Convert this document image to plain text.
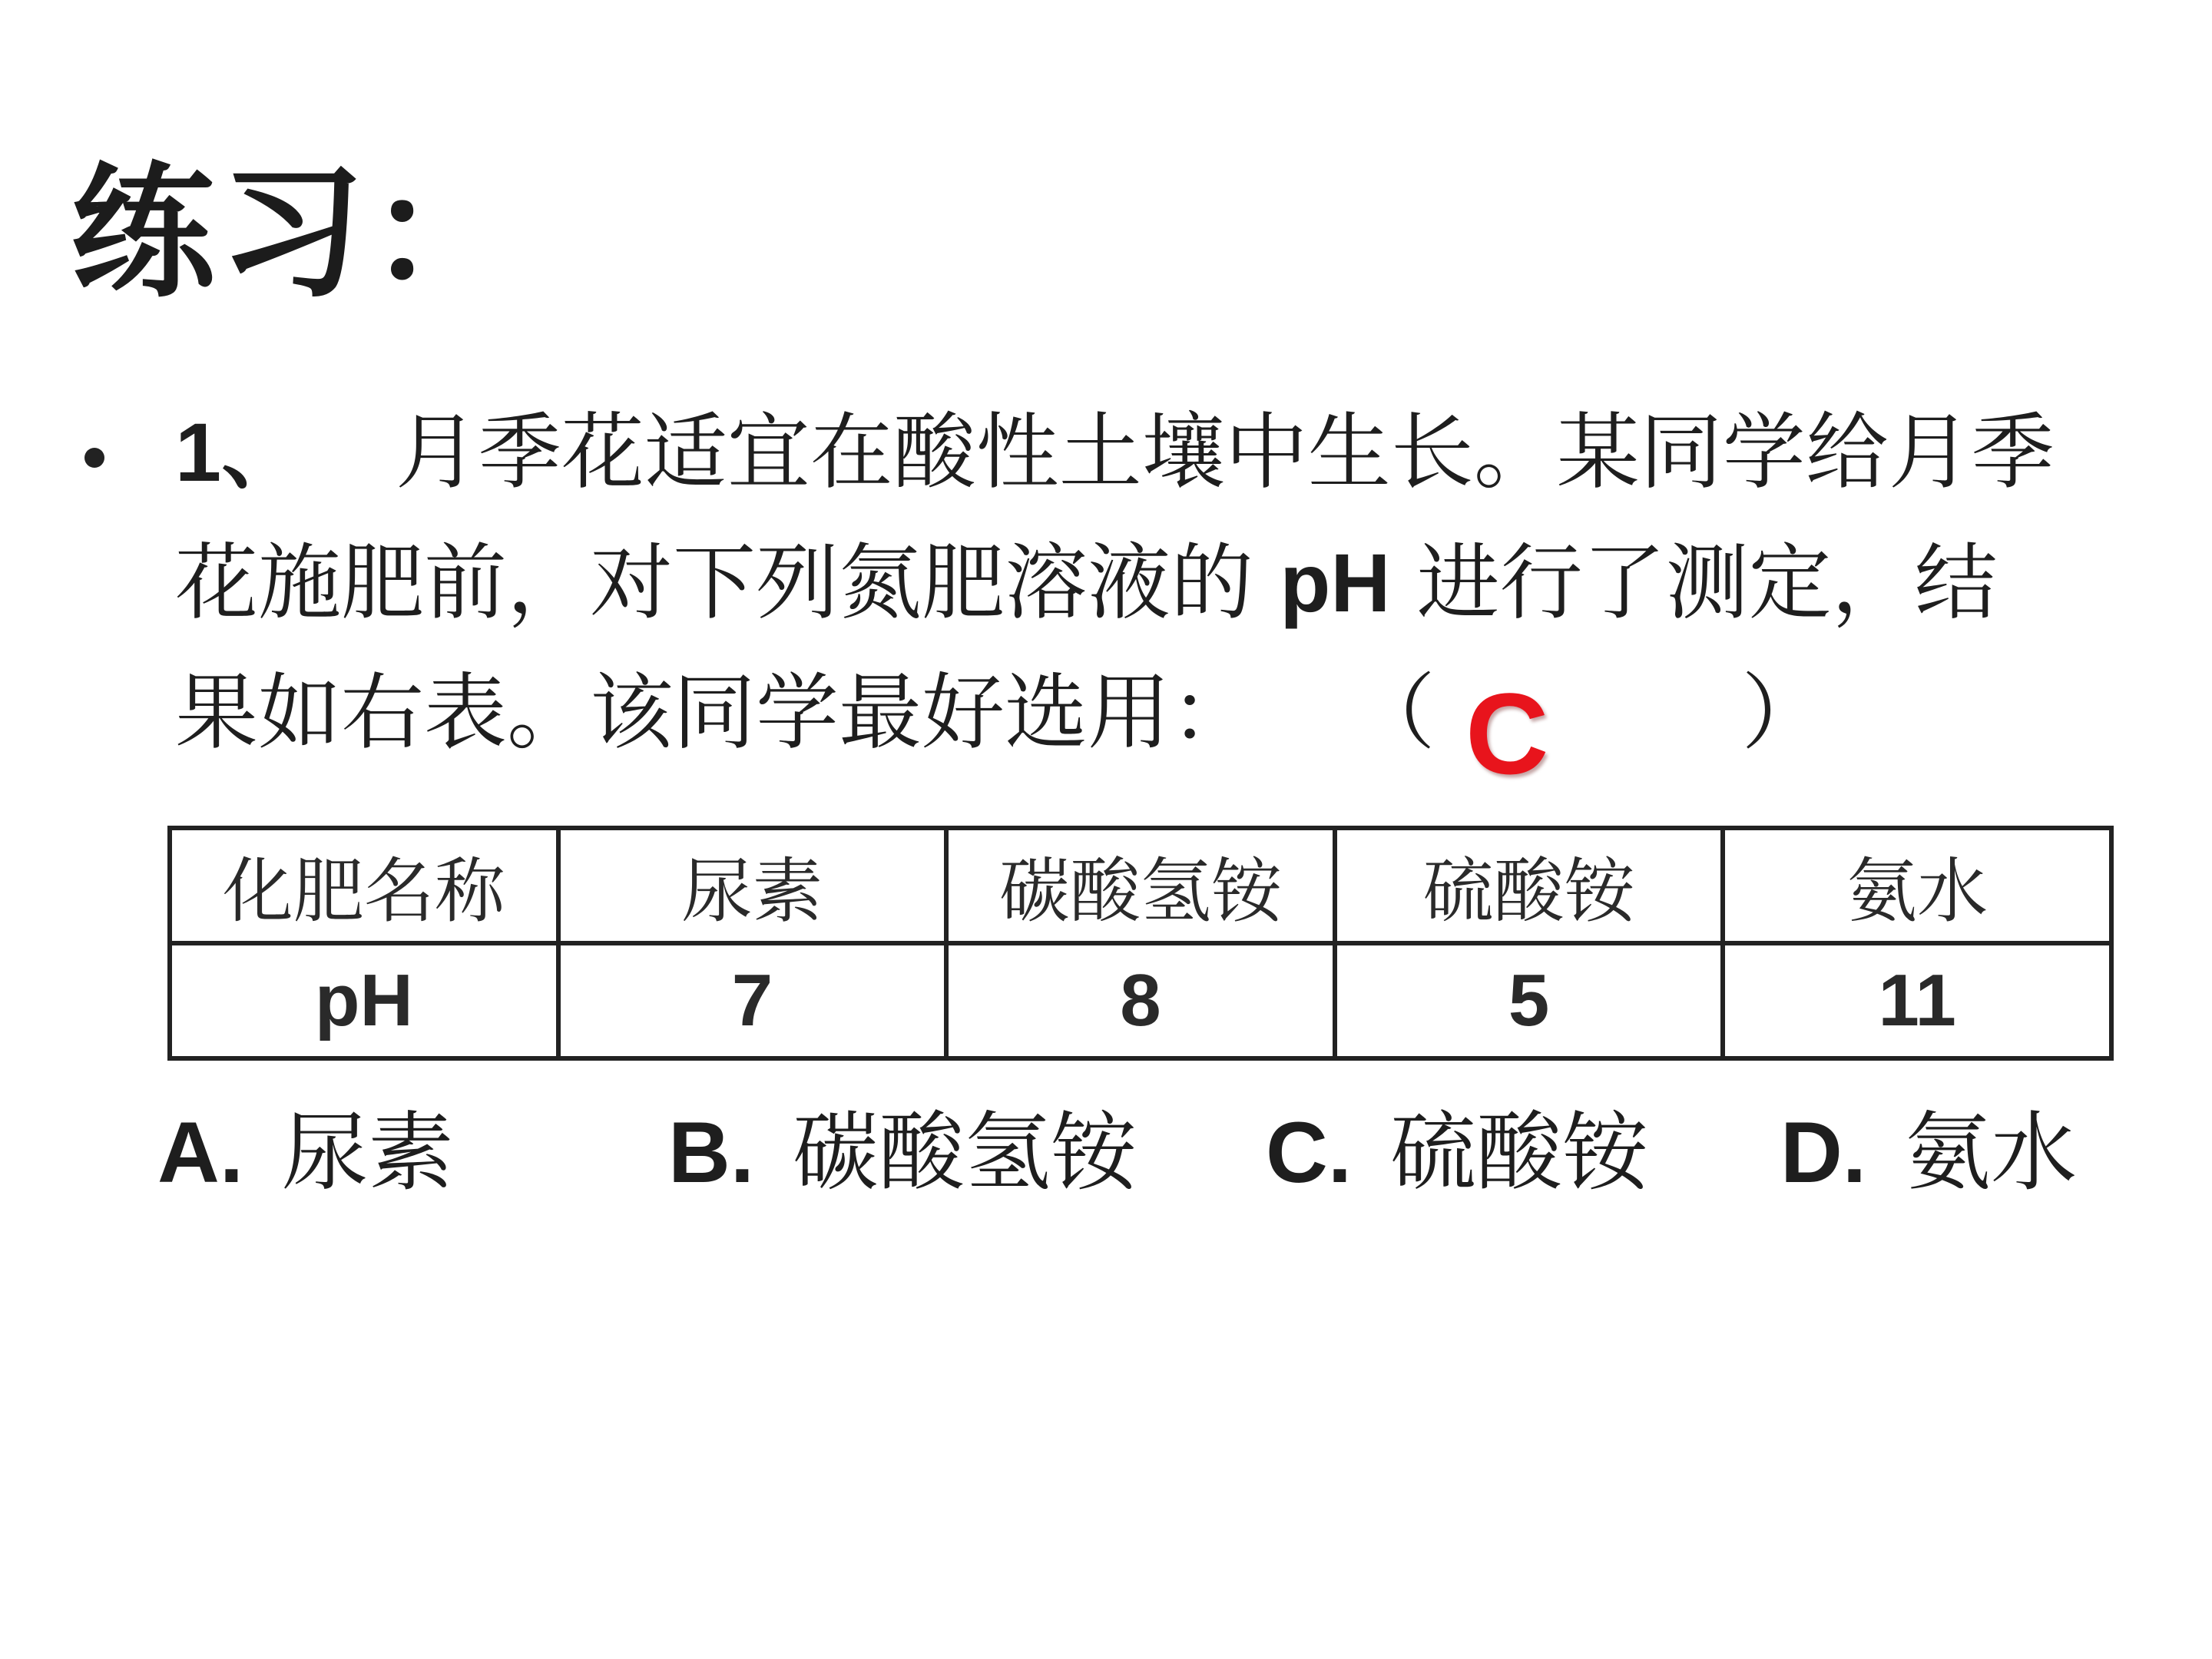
练习：
1、 月季花适宜在酸性土壤中生长。某同学给月季
花施肥前，对下列氮肥溶液的 pH 进行了测定，结
果如右表。该同学最好选用： （	）
C
化肥名称	尿素	碳酸氢铵	硫酸铵	氨水
pH	7	8	5	11
A. 尿素 B. 碳酸氢铵 C. 硫酸铵 D. 氨水
